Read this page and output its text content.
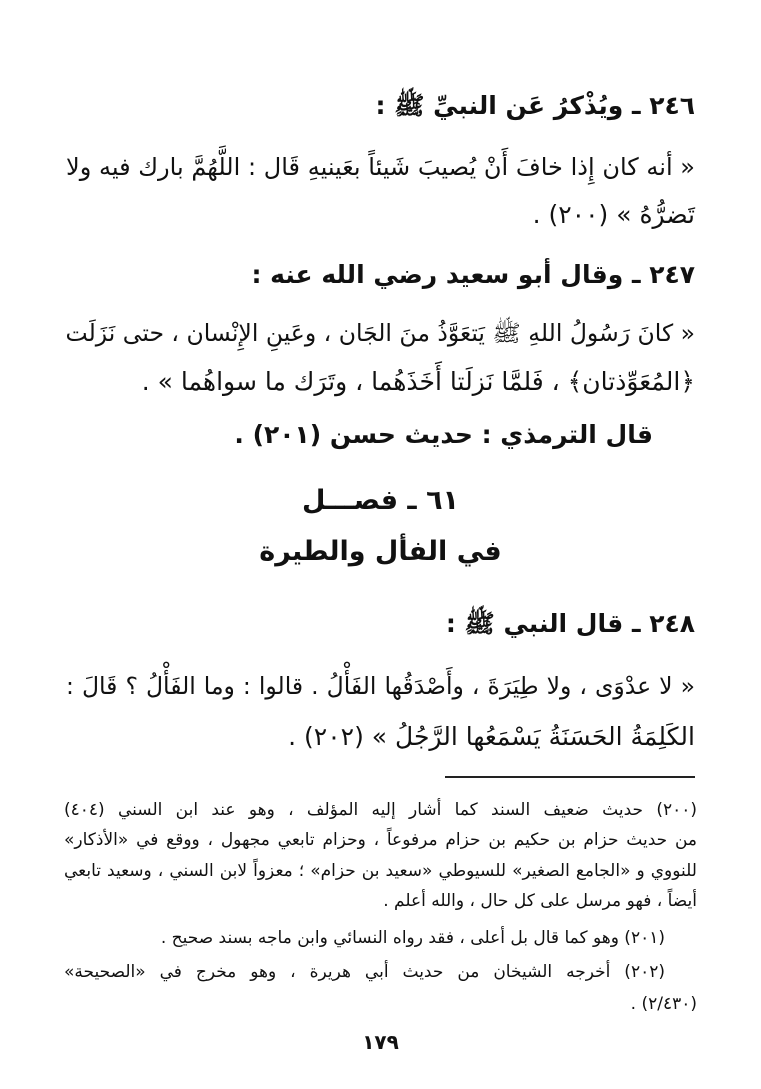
٢٤٦ ـ ويُذْكرُ عَن النبيِّ ﷺ :
« أنه كان إِذا خافَ أَنْ يُصيبَ شَيئاً بعَينيهِ قَال : اللَّهُمَّ بارك فيه ولا
تَضرُّهُ » (٢٠٠) .
٢٤٧ ـ وقال أبو سعيد رضي الله عنه :
« كانَ رَسُولُ اللهِ ﷺ يَتعَوَّذُ منَ الجَان ، وعَينِ الإِنْسان ، حتى نَزَلَت
﴿المُعَوِّذتان﴾ ، فَلمَّا نَزلَتا أَخَذَهُما ، وتَرَك ما سواهُما » .
قال الترمذي : حديث حسن (٢٠١) .
٦١ ـ فصـــل
في الفأل والطيرة
٢٤٨ ـ قال النبي ﷺ :
« لا عدْوَى ، ولا طِيَرَةَ ، وأَصْدَقُها الفَأْلُ . قالوا : وما الفَأْلُ ؟ قَالَ :
الكَلِمَةُ الحَسَنَةُ يَسْمَعُها الرَّجُلُ » (٢٠٢) .
(٢٠٠) حديث ضعيف السند كما أشار إليه المؤلف ، وهو عند ابن السني (٤٠٤)
من حديث حزام بن حكيم بن حزام مرفوعاً ، وحزام تابعي مجهول ، ووقع في «الأذكار»
للنووي و «الجامع الصغير» للسيوطي «سعيد بن حزام» ؛ معزواً لابن السني ، وسعيد تابعي
أيضاً ، فهو مرسل على كل حال ، والله أعلم .
(٢٠١) وهو كما قال بل أعلى ، فقد رواه النسائي وابن ماجه بسند صحيح .
(٢٠٢) أخرجه الشيخان من حديث أبي هريرة ، وهو مخرج في «الصحيحة»
(٢/٤٣٠) .
١٧٩
